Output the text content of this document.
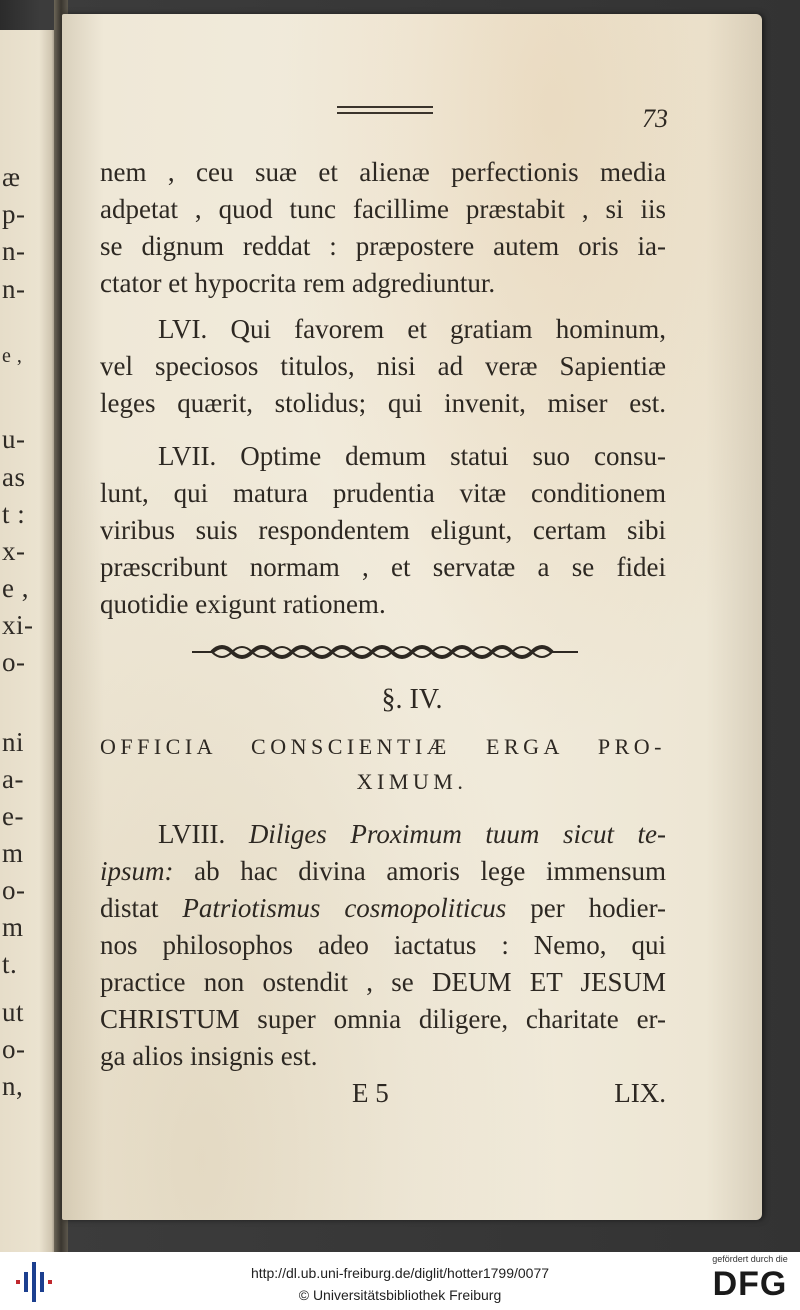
æ
p-
n-
n-
e ,
u-
as
t :
x-
e ,
xi-
o-
ni
a-
e-
m
o-
m
t.
ut
o-
n,
73
nem , ceu suæ et alienæ perfectionis media
adpetat , quod tunc facillime præstabit , si iis
se dignum reddat : præpostere autem oris ia-
ctator et hypocrita rem adgrediuntur.
LVI. Qui favorem et gratiam hominum,
vel speciosos titulos, nisi ad veræ Sapientiæ
leges quærit, stolidus; qui invenit, miser est.
LVII. Optime demum statui suo consu-
lunt, qui matura prudentia vitæ conditionem
viribus suis respondentem eligunt, certam sibi
præscribunt normam , et servatæ a se fidei
quotidie exigunt rationem.
§. IV.
OFFICIA CONSCIENTIÆ ERGA PRO-
XIMUM.
LVIII. Diliges Proximum tuum sicut te-
ipsum: ab hac divina amoris lege immensum
distat Patriotismus cosmopoliticus per hodier-
nos philosophos adeo iactatus : Nemo, qui
practice non ostendit , se DEUM ET JESUM
CHRISTUM super omnia diligere, charitate er-
ga alios insignis est.
E 5	LIX.
http://dl.ub.uni-freiburg.de/diglit/hotter1799/0077
© Universitätsbibliothek Freiburg
gefördert durch die
DFG
